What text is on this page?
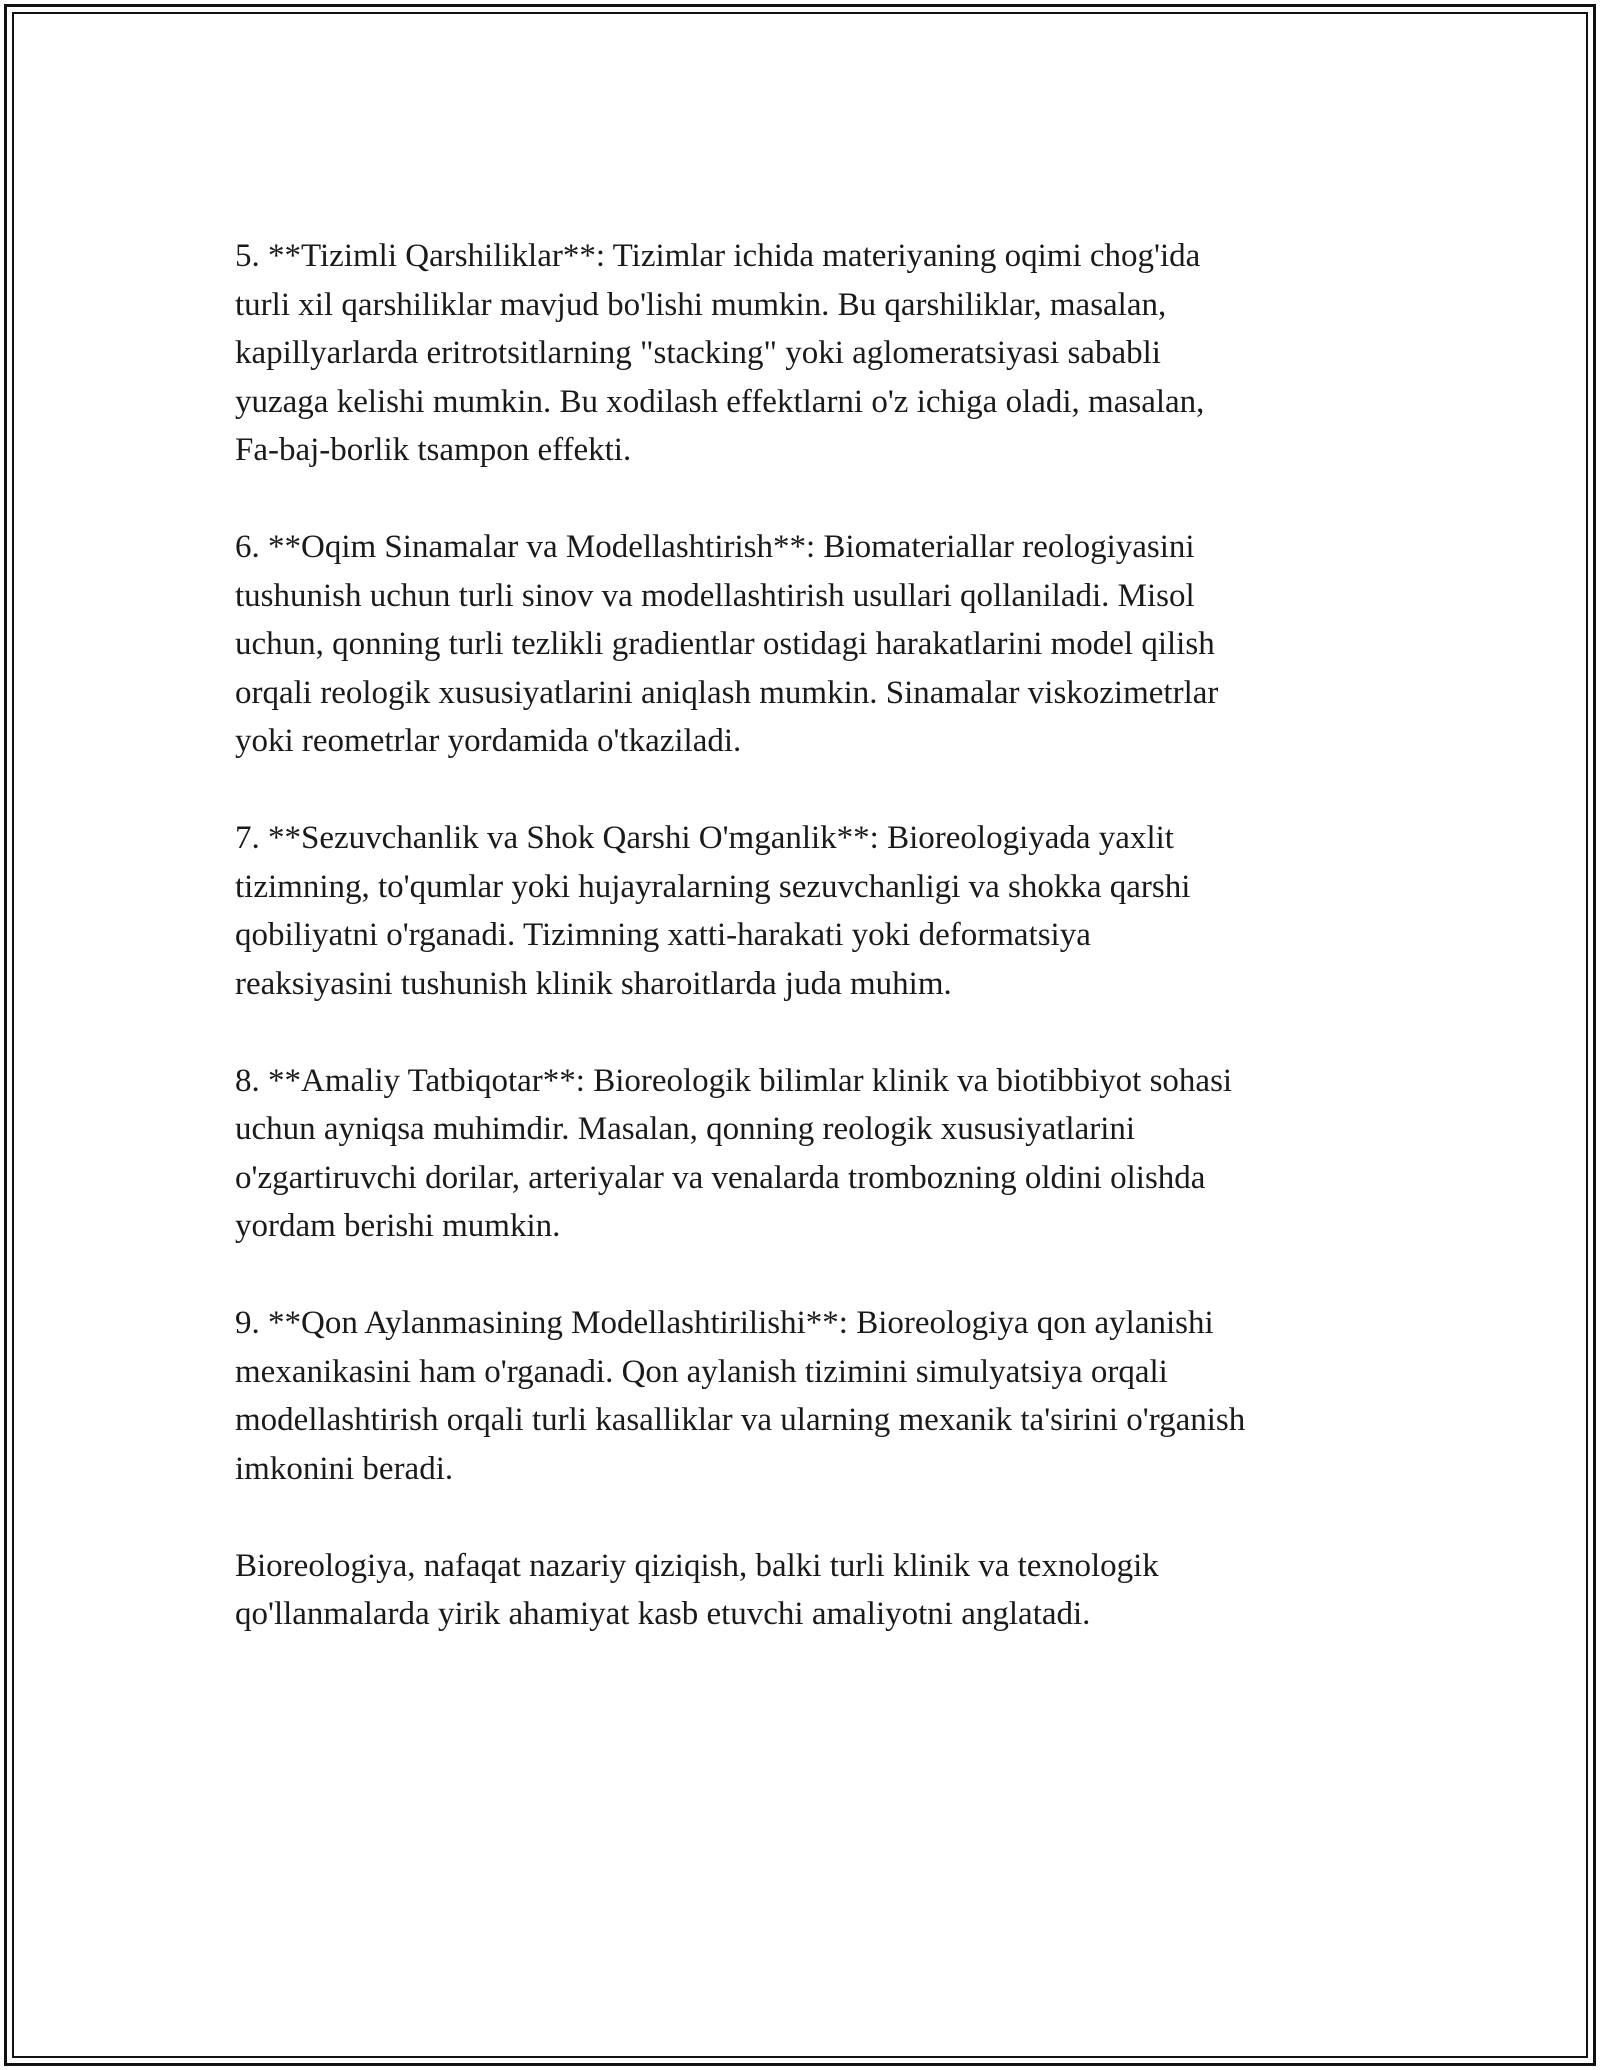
5. **Tizimli Qarshiliklar**: Tizimlar ichida materiyaning oqimi chog'ida
turli xil qarshiliklar mavjud bo'lishi mumkin. Bu qarshiliklar, masalan,
kapillyarlarda eritrotsitlarning "stacking" yoki aglomeratsiyasi sababli
yuzaga kelishi mumkin. Bu xodilash effektlarni o'z ichiga oladi, masalan,
Fa-baj-borlik tsampon effekti.

6. **Oqim Sinamalar va Modellashtirish**: Biomateriallar reologiyasini
tushunish uchun turli sinov va modellashtirish usullari qollaniladi. Misol
uchun, qonning turli tezlikli gradientlar ostidagi harakatlarini model qilish
orqali reologik xususiyatlarini aniqlash mumkin. Sinamalar viskozimetrlar
yoki reometrlar yordamida o'tkaziladi.

7. **Sezuvchanlik va Shok Qarshi O'mganlik**: Bioreologiyada yaxlit
tizimning, to'qumlar yoki hujayralarning sezuvchanligi va shokka qarshi
qobiliyatni o'rganadi. Tizimning xatti-harakati yoki deformatsiya
reaksiyasini tushunish klinik sharoitlarda juda muhim.

8. **Amaliy Tatbiqotar**: Bioreologik bilimlar klinik va biotibbiyot sohasi
uchun ayniqsa muhimdir. Masalan, qonning reologik xususiyatlarini
o'zgartiruvchi dorilar, arteriyalar va venalarda trombozning oldini olishda
yordam berishi mumkin.

9. **Qon Aylanmasining Modellashtirilishi**: Bioreologiya qon aylanishi
mexanikasini ham o'rganadi. Qon aylanish tizimini simulyatsiya orqali
modellashtirish orqali turli kasalliklar va ularning mexanik ta'sirini o'rganish
imkonini beradi.

Bioreologiya, nafaqat nazariy qiziqish, balki turli klinik va texnologik
qo'llanmalarda yirik ahamiyat kasb etuvchi amaliyotni anglatadi.
